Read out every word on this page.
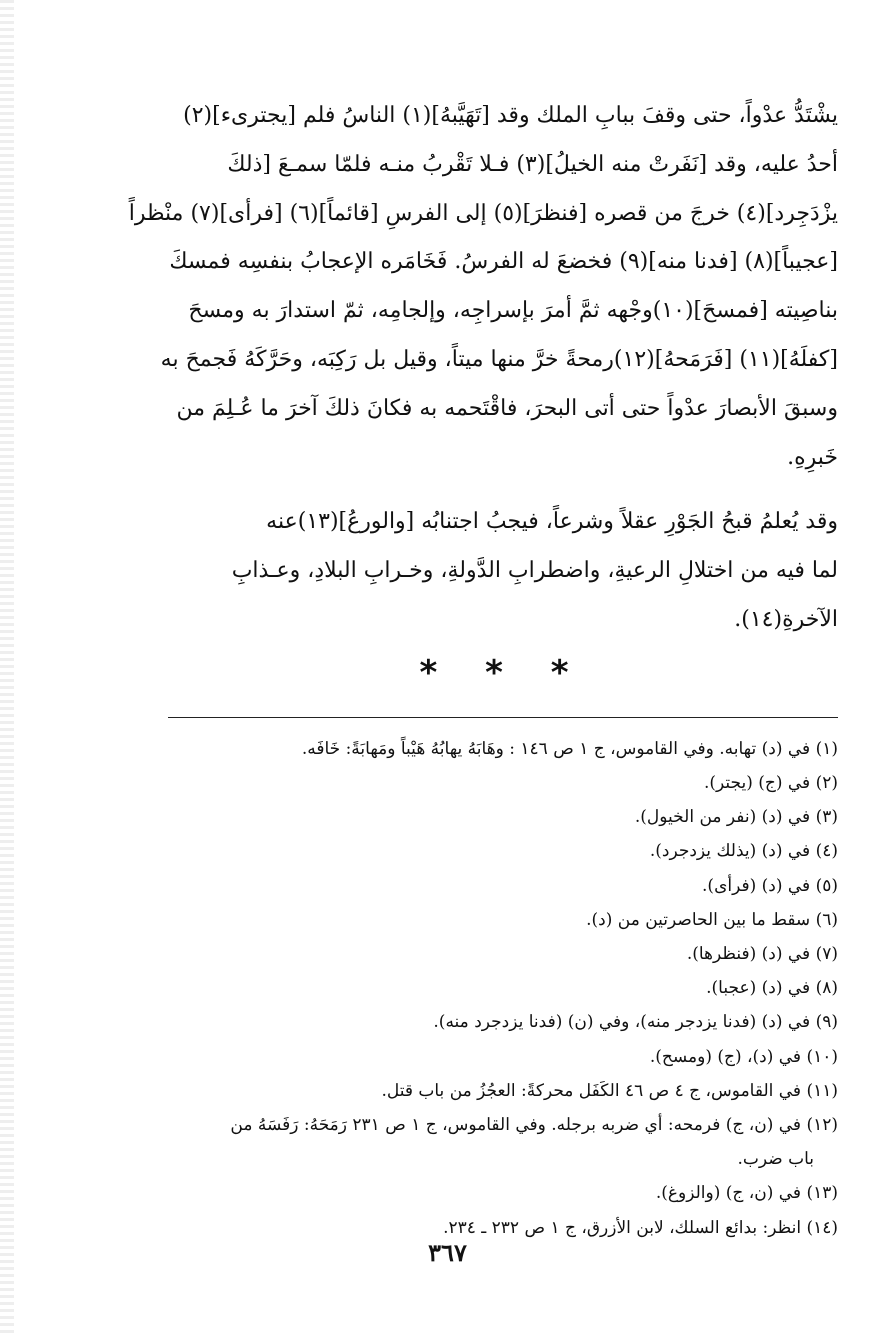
يشْتَدُّ عدْواً، حتى وقفَ ببابِ الملك وقد [تَهَيَّبهُ](١) الناسُ فلم [يجترىء](٢)
أحدُ عليه، وقد [نَفَرتْ منه الخيلُ](٣) فـلا تَقْربُ منـه فلمّا سمـعَ [ذلكَ
يزْدَجِرد](٤) خرجَ من قصره [فنظرَ](٥) إلى الفرسِ [قائماً](٦) [فرأى](٧) منْظراً
[عجيباً](٨) [فدنا منه](٩) فخضعَ له الفرسُ. فَخَامَره الإعجابُ بنفسِه فمسكَ
بناصِيته [فمسحَ](١٠)وجْهه ثمَّ أمرَ بإسراجِه، وإلجامِه، ثمّ استدارَ به ومسحَ
[كفلَهُ](١١) [فَرَمَحهُ](١٢)رمحةً خرَّ منها ميتاً، وقيل بل رَكِبَه، وحَرَّكَهُ فَجمحَ به
وسبقَ الأبصارَ عدْواً حتى أتى البحرَ، فاقْتَحمه به فكانَ ذلكَ آخرَ ما عُـلِمَ من
خَبرِهِ.

وقد يُعلمُ قبحُ الجَوْرِ عقلاً وشرعاً، فيجبُ اجتنابُه [والورعُ](١٣)عنه
لما فيه من اختلالِ الرعيةِ، واضطرابِ الدَّولةِ، وخـرابِ البلادِ، وعـذابِ
الآخرةِ(١٤).

* * *
(١) في (د) تهابه. وفي القاموس، ج ١ ص ١٤٦ : وهَابَهُ يهابُهُ هَيْباً ومَهابَةً: خَافَه.
(٢) في (ج) (يجتر).
(٣) في (د) (نفر من الخيول).
(٤) في (د) (يذلك يزدجرد).
(٥) في (د) (فرأى).
(٦) سقط ما بين الحاصرتين من (د).
(٧) في (د) (فنظرها).
(٨) في (د) (عجبا).
(٩) في (د) (فدنا يزدجر منه)، وفي (ن) (فدنا يزدجرد منه).
(١٠) في (د)، (ج) (ومسح).
(١١) في القاموس، ج ٤ ص ٤٦ الكَفَل محركةً: العجُزُ من باب قتل.
(١٢) في (ن، ج) فرمحه: أي ضربه برجله. وفي القاموس، ج ١ ص ٢٣١ رَمَحَهُ: رَفَسَهُ من
باب ضرب.
(١٣) في (ن، ج) (والزوغ).
(١٤) انظر: بدائع السلك، لابن الأزرق، ج ١ ص ٢٣٢ ـ ٢٣٤.
٣٦٧
